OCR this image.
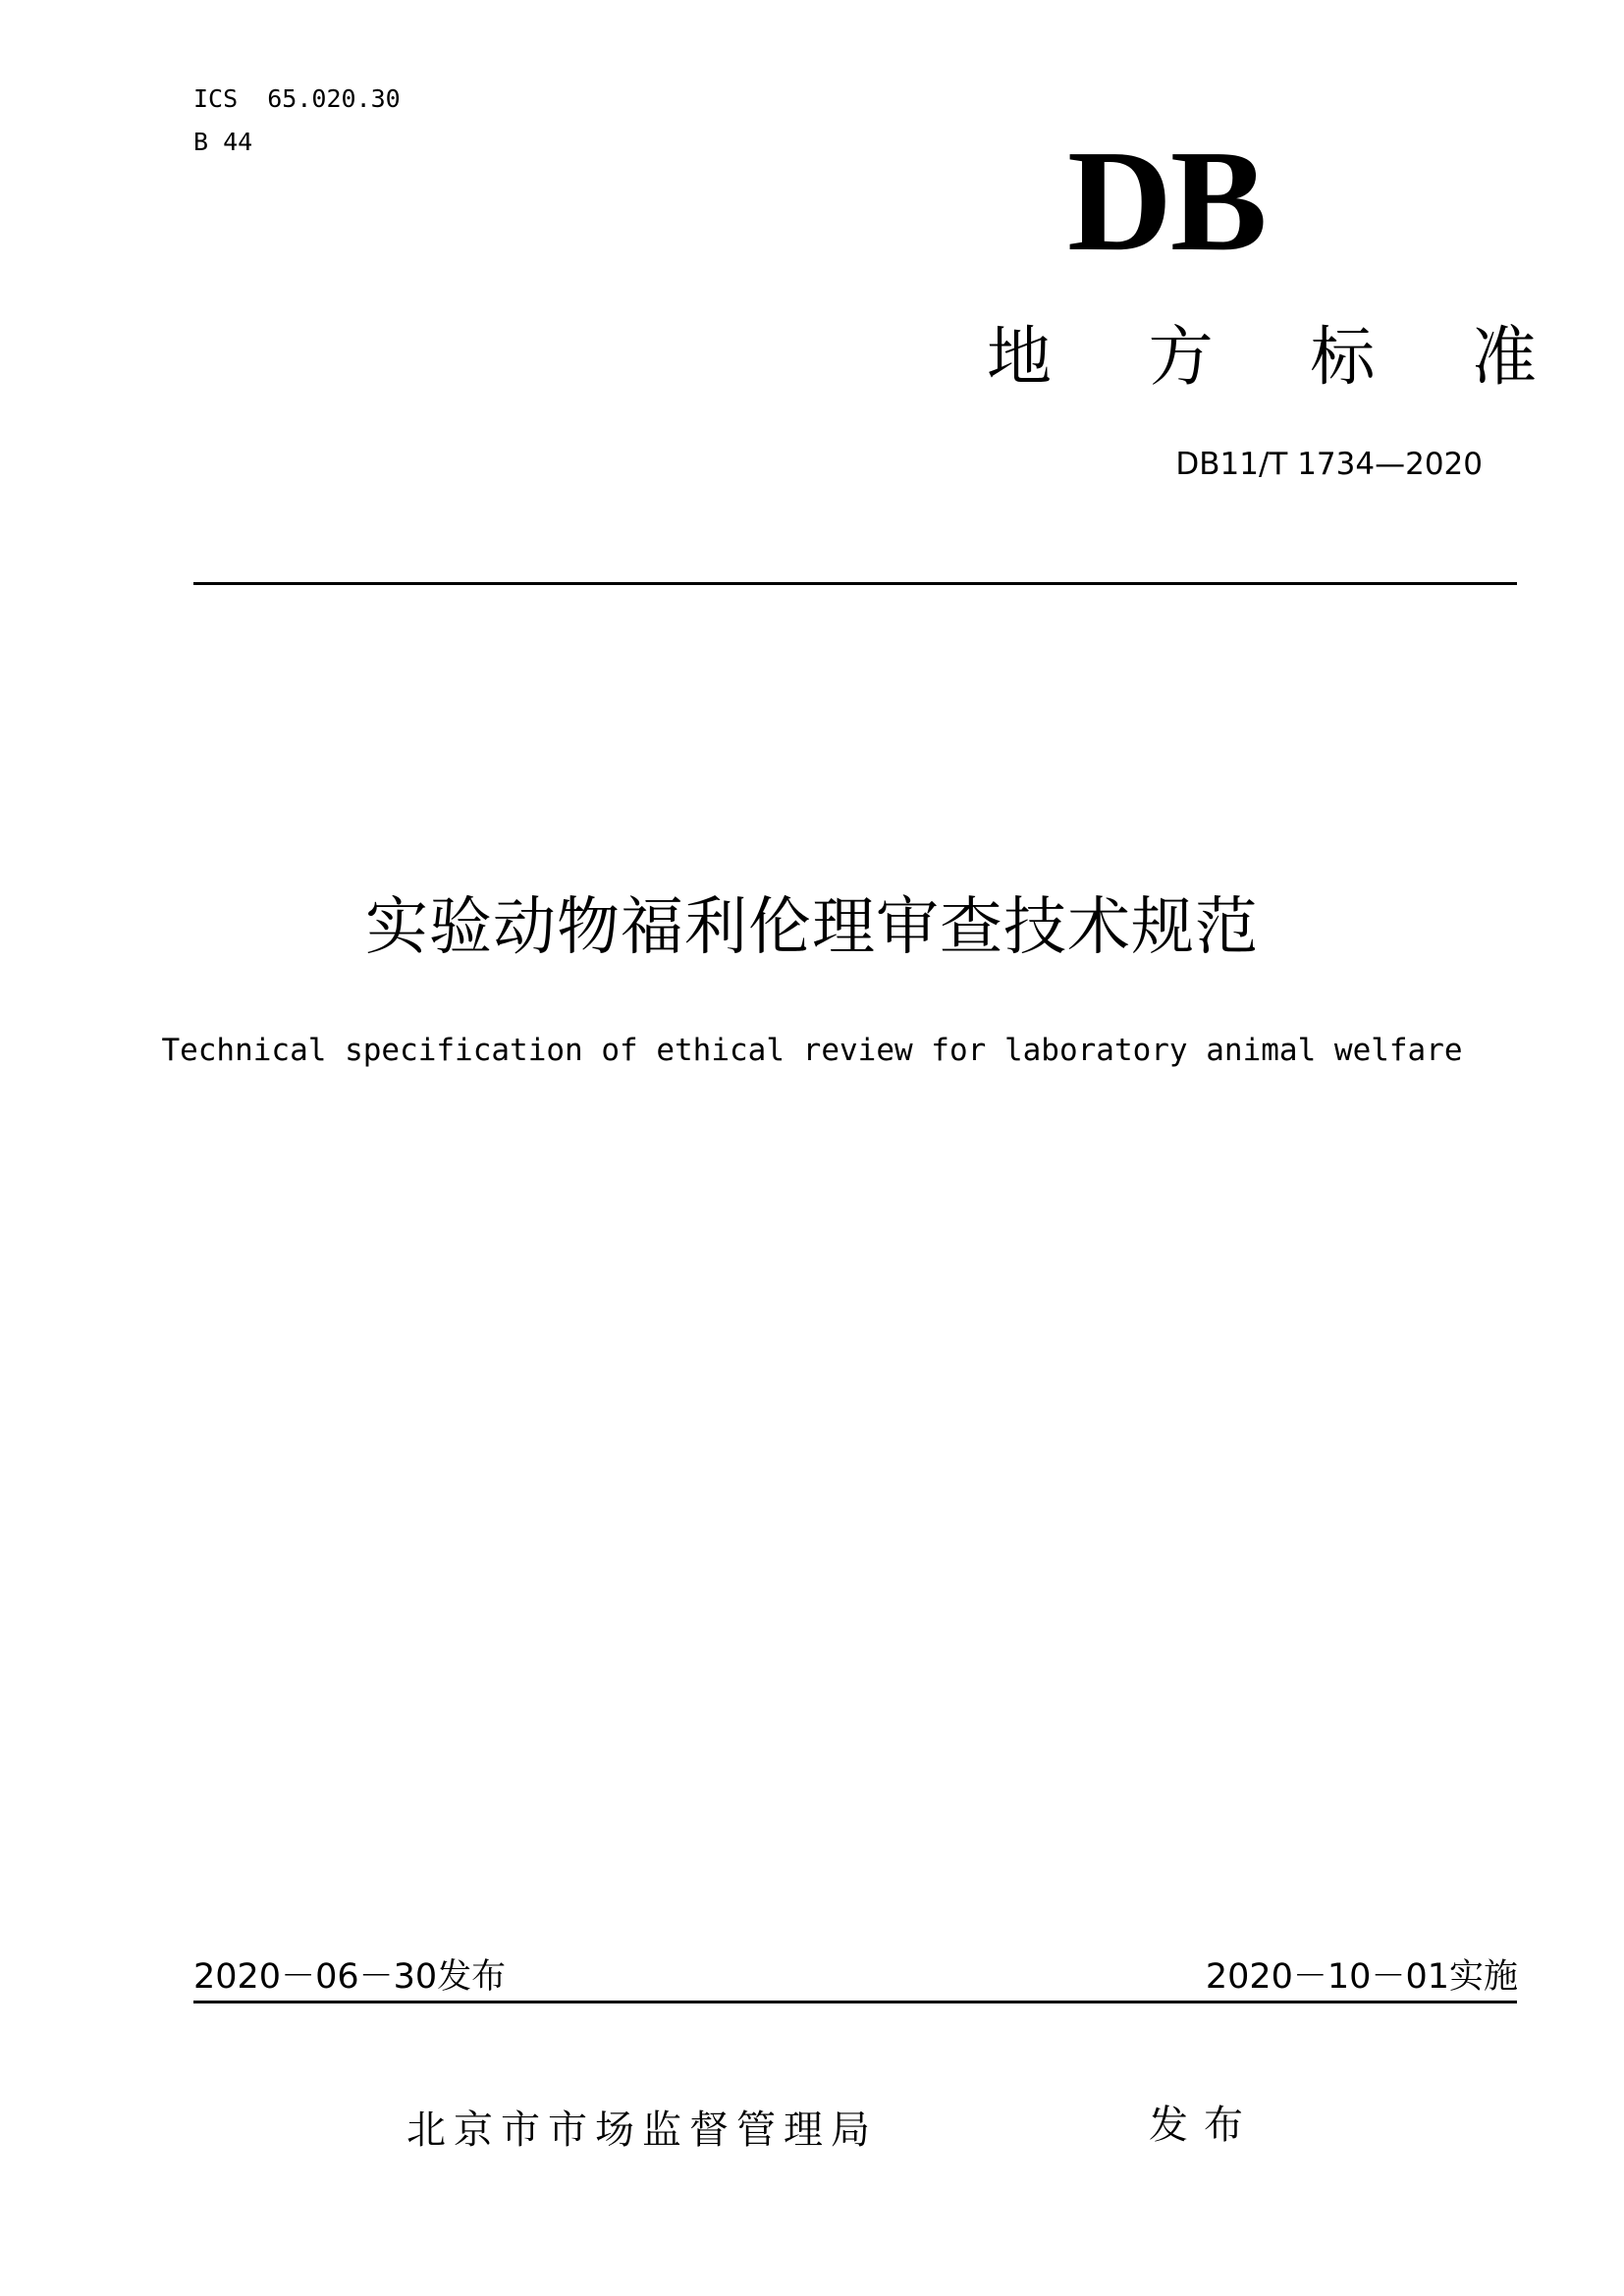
ICS  65.020.30
B 44	DB
地 方 标 准
DB11/T 1734—2020
实验动物福利伦理审查技术规范
Technical specification of ethical review for laboratory animal welfare
2020－06－30发布	2020－10－01实施
北京市市场监督管理局	发布
